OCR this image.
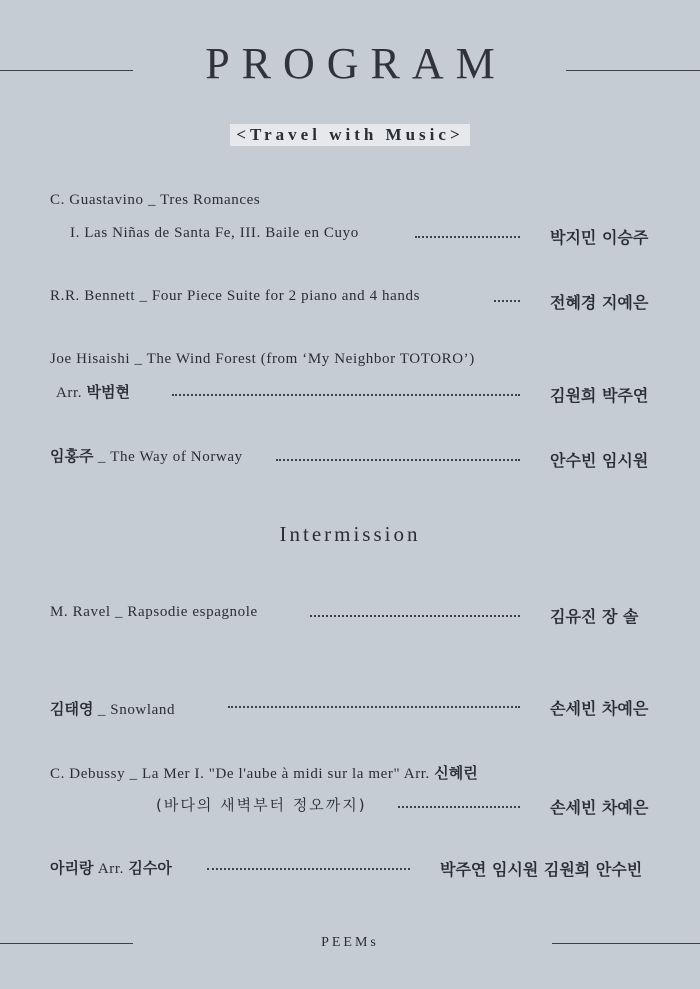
PROGRAM
<Travel with Music>
C. Guastavino _ Tres Romances
I. Las Niñas de Santa Fe, III. Baile en Cuyo	박지민 이승주
R.R. Bennett _ Four Piece Suite for 2 piano and 4 hands	전혜경 지예은
Joe Hisaishi _ The Wind Forest (from ‘My Neighbor TOTORO’)
Arr. 박범현	김원희 박주연
임홍주 _ The Way of Norway	안수빈 임시원
Intermission
M. Ravel _ Rapsodie espagnole	김유진 장 솔
김태영 _ Snowland	손세빈 차예은
C. Debussy _ La Mer I. "De l'aube à midi sur la mer" Arr. 신혜린
(바다의 새벽부터 정오까지)	손세빈 차예은
아리랑 Arr. 김수아	박주연 임시원 김원희 안수빈
PEEMs
